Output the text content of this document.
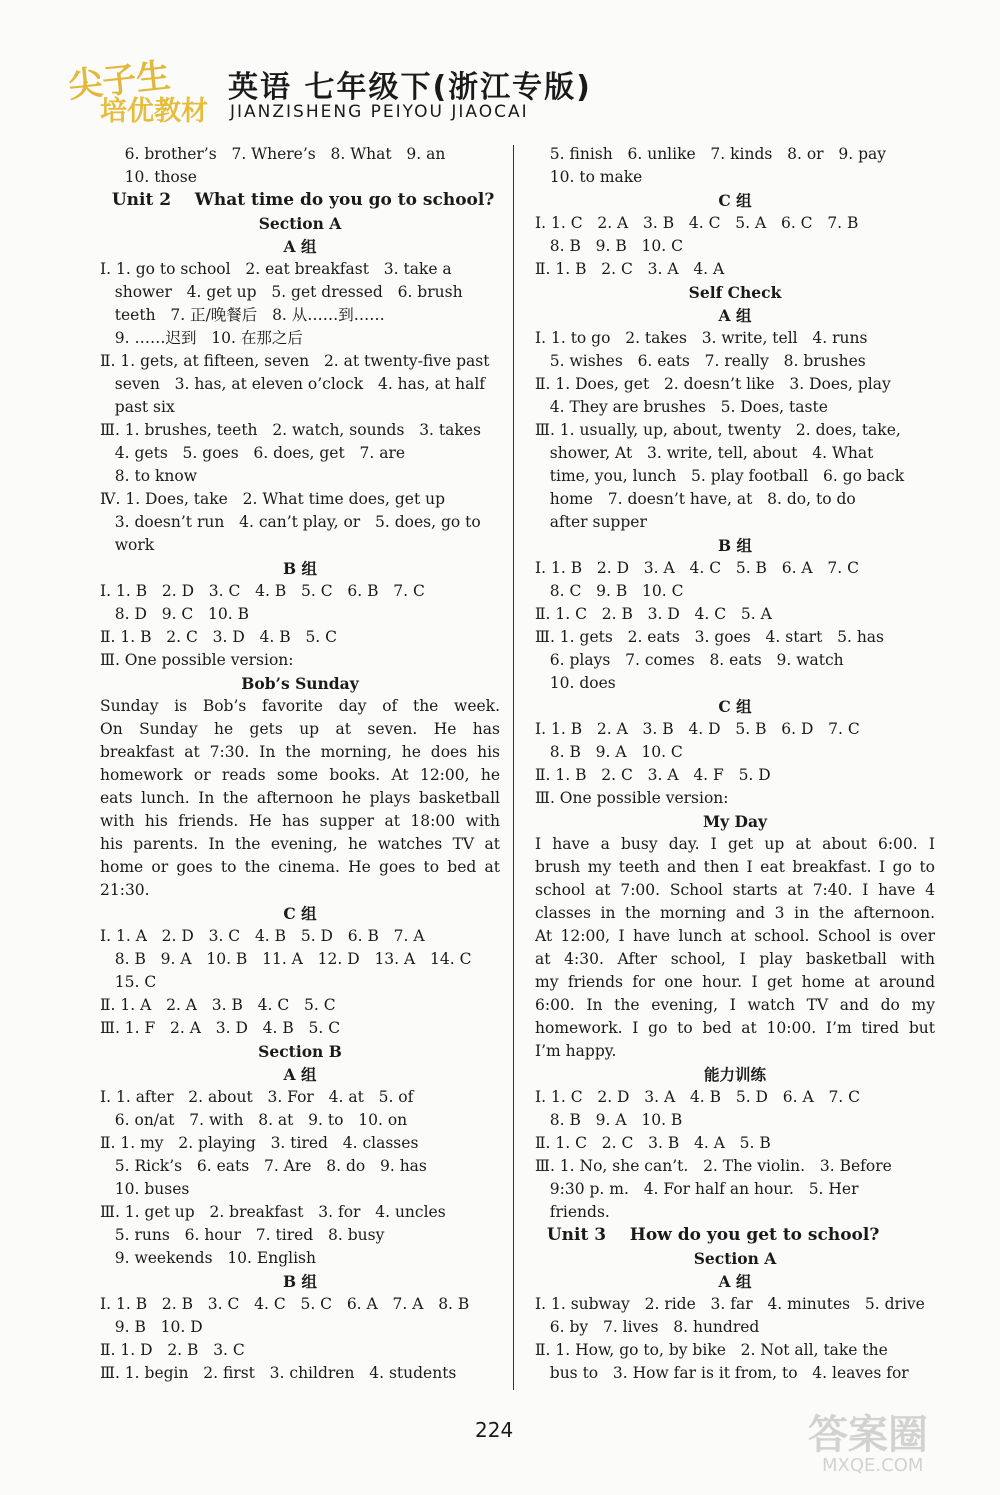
尖子生
培优教材
英语 七年级下(浙江专版)
JIANZISHENG PEIYOU JIAOCAI
6. brother’s   7. Where’s   8. What   9. an
10. those
Unit 2    What time do you go to school?
Section A
A 组
Ⅰ. 1. go to school   2. eat breakfast   3. take a
shower   4. get up   5. get dressed   6. brush
teeth   7. 正/晚餐后   8. 从……到……
9. ……迟到   10. 在那之后
Ⅱ. 1. gets, at fifteen, seven   2. at twenty-five past
seven   3. has, at eleven o’clock   4. has, at half
past six
Ⅲ. 1. brushes, teeth   2. watch, sounds   3. takes
4. gets   5. goes   6. does, get   7. are
8. to know
Ⅳ. 1. Does, take   2. What time does, get up
3. doesn’t run   4. can’t play, or   5. does, go to
work
B 组
Ⅰ. 1. B   2. D   3. C   4. B   5. C   6. B   7. C
8. D   9. C   10. B
Ⅱ. 1. B   2. C   3. D   4. B   5. C
Ⅲ. One possible version:
Bob’s Sunday
Sunday is Bob’s favorite day of the week.
On Sunday he gets up at seven. He has
breakfast at 7:30. In the morning, he does his
homework or reads some books. At 12:00, he
eats lunch. In the afternoon he plays basketball
with his friends. He has supper at 18:00 with
his parents. In the evening, he watches TV at
home or goes to the cinema. He goes to bed at
21:30.
C 组
Ⅰ. 1. A   2. D   3. C   4. B   5. D   6. B   7. A
8. B   9. A   10. B   11. A   12. D   13. A   14. C
15. C
Ⅱ. 1. A   2. A   3. B   4. C   5. C
Ⅲ. 1. F   2. A   3. D   4. B   5. C
Section B
A 组
Ⅰ. 1. after   2. about   3. For   4. at   5. of
6. on/at   7. with   8. at   9. to   10. on
Ⅱ. 1. my   2. playing   3. tired   4. classes
5. Rick’s   6. eats   7. Are   8. do   9. has
10. buses
Ⅲ. 1. get up   2. breakfast   3. for   4. uncles
5. runs   6. hour   7. tired   8. busy
9. weekends   10. English
B 组
Ⅰ. 1. B   2. B   3. C   4. C   5. C   6. A   7. A   8. B
9. B   10. D
Ⅱ. 1. D   2. B   3. C
Ⅲ. 1. begin   2. first   3. children   4. students
5. finish   6. unlike   7. kinds   8. or   9. pay
10. to make
C 组
Ⅰ. 1. C   2. A   3. B   4. C   5. A   6. C   7. B
8. B   9. B   10. C
Ⅱ. 1. B   2. C   3. A   4. A
Self Check
A 组
Ⅰ. 1. to go   2. takes   3. write, tell   4. runs
5. wishes   6. eats   7. really   8. brushes
Ⅱ. 1. Does, get   2. doesn’t like   3. Does, play
4. They are brushes   5. Does, taste
Ⅲ. 1. usually, up, about, twenty   2. does, take,
shower, At   3. write, tell, about   4. What
time, you, lunch   5. play football   6. go back
home   7. doesn’t have, at   8. do, to do
after supper
B 组
Ⅰ. 1. B   2. D   3. A   4. C   5. B   6. A   7. C
8. C   9. B   10. C
Ⅱ. 1. C   2. B   3. D   4. C   5. A
Ⅲ. 1. gets   2. eats   3. goes   4. start   5. has
6. plays   7. comes   8. eats   9. watch
10. does
C 组
Ⅰ. 1. B   2. A   3. B   4. D   5. B   6. D   7. C
8. B   9. A   10. C
Ⅱ. 1. B   2. C   3. A   4. F   5. D
Ⅲ. One possible version:
My Day
I have a busy day. I get up at about 6:00. I
brush my teeth and then I eat breakfast. I go to
school at 7:00. School starts at 7:40. I have 4
classes in the morning and 3 in the afternoon.
At 12:00, I have lunch at school. School is over
at 4:30. After school, I play basketball with
my friends for one hour. I get home at around
6:00. In the evening, I watch TV and do my
homework. I go to bed at 10:00. I’m tired but
I’m happy.
能力训练
Ⅰ. 1. C   2. D   3. A   4. B   5. D   6. A   7. C
8. B   9. A   10. B
Ⅱ. 1. C   2. C   3. B   4. A   5. B
Ⅲ. 1. No, she can’t.   2. The violin.   3. Before
9:30 p. m.   4. For half an hour.   5. Her
friends.
Unit 3    How do you get to school?
Section A
A 组
Ⅰ. 1. subway   2. ride   3. far   4. minutes   5. drive
6. by   7. lives   8. hundred
Ⅱ. 1. How, go to, by bike   2. Not all, take the
bus to   3. How far is it from, to   4. leaves for
224	答案圈
MXQE.COM
